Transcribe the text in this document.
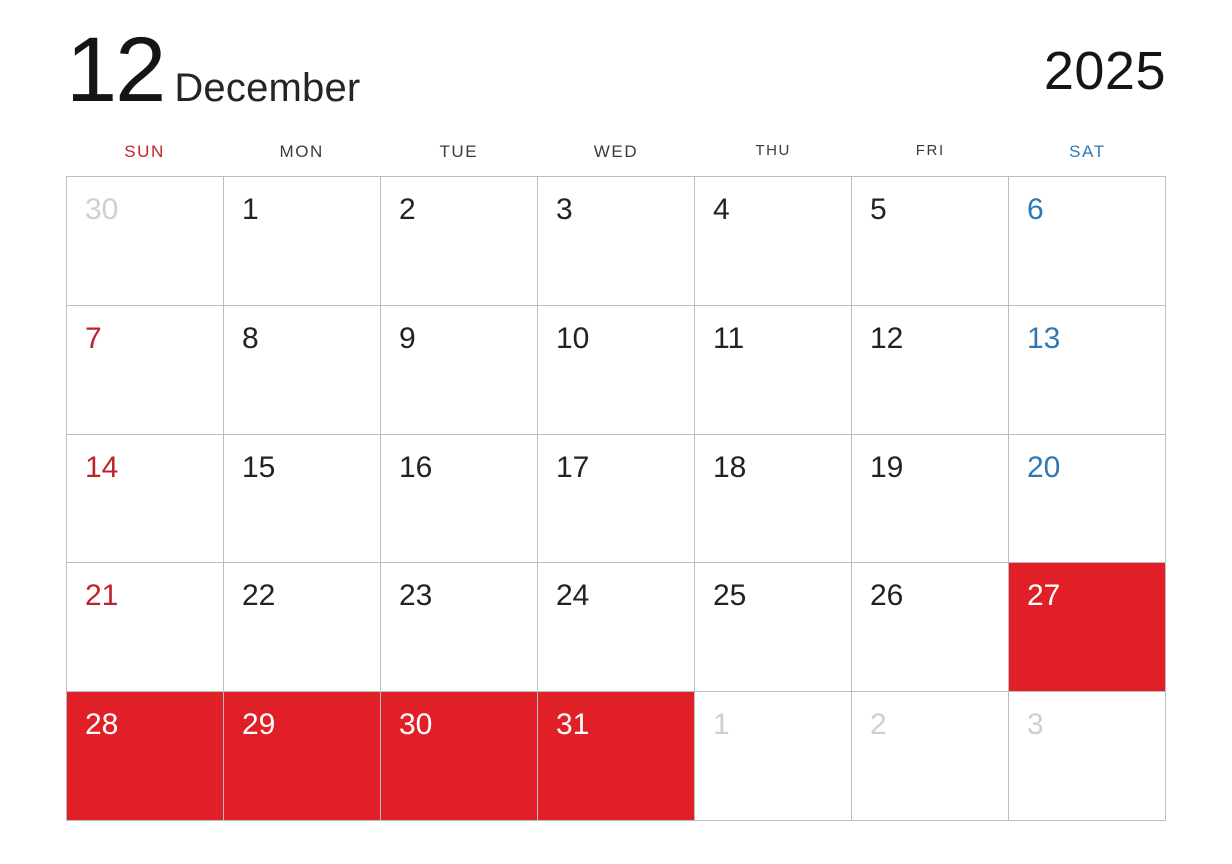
12 December	2025
SUN	MON	TUE	WED	THU	FRI	SAT
30	1	2	3	4	5	6
7	8	9	10	11	12	13
14	15	16	17	18	19	20
21	22	23	24	25	26	27
28	29	30	31	1	2	3
